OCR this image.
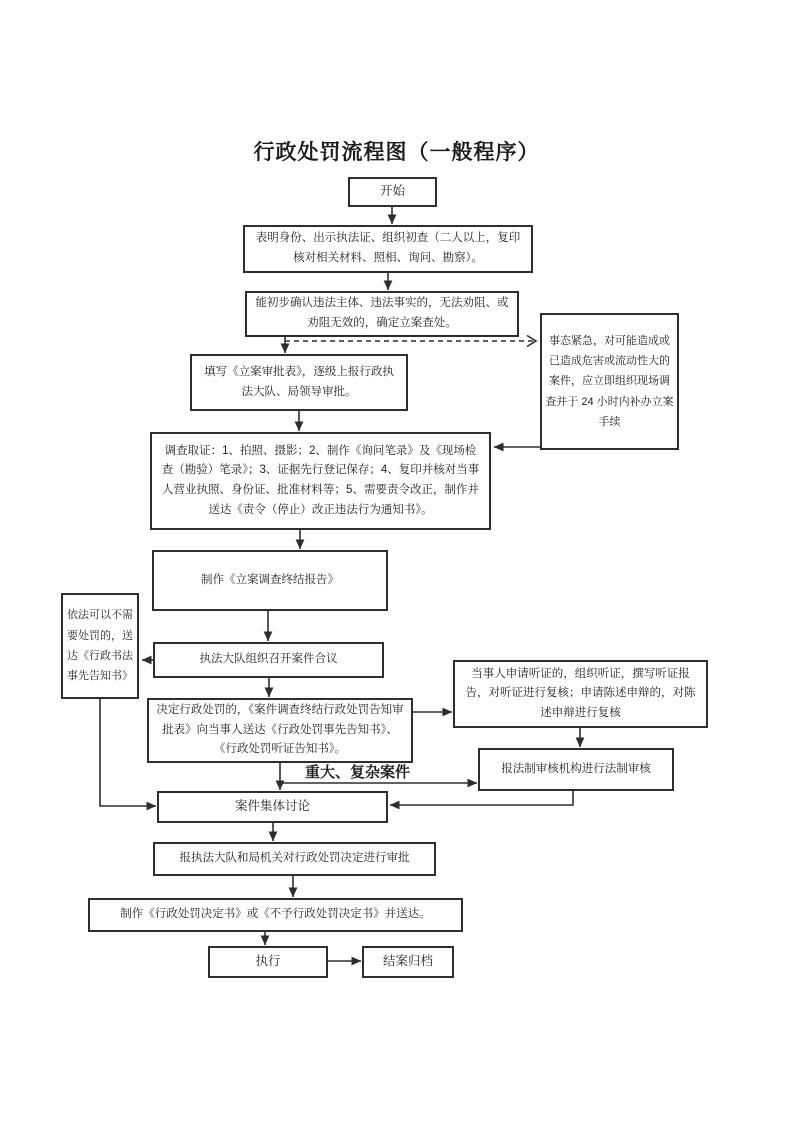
行政处罚流程图（一般程序）
开始
表明身份、出示执法证、组织初查（二人以上，复印核对相关材料、照相、询问、勘察）。
能初步确认违法主体、违法事实的，无法劝阻、或劝阻无效的，确定立案查处。
填写《立案审批表》，逐级上报行政执法大队、局领导审批。
事态紧急，对可能造成或已造成危害或流动性大的案件，应立即组织现场调查并于 24 小时内补办立案手续
调查取证：1、拍照、摄影；2、制作《询问笔录》及《现场检查（勘验）笔录》；3、证据先行登记保存；4、复印并核对当事人营业执照、身份证、批准材料等；5、需要责令改正，制作并送达《责令（停止）改正违法行为通知书》。
制作《立案调查终结报告》
执法大队组织召开案件合议
依法可以不需要处罚的，送达《行政书法事先告知书》
决定行政处罚的，《案件调查终结行政处罚告知审批表》向当事人送达《行政处罚事先告知书》、《行政处罚听证告知书》。
当事人申请听证的，组织听证，撰写听证报告，对听证进行复核；申请陈述申辩的，对陈述申辩进行复核
报法制审核机构进行法制审核
案件集体讨论
报执法大队和局机关对行政处罚决定进行审批
制作《行政处罚决定书》或《不予行政处罚决定书》并送达。
执行	结案归档
重大、复杂案件
